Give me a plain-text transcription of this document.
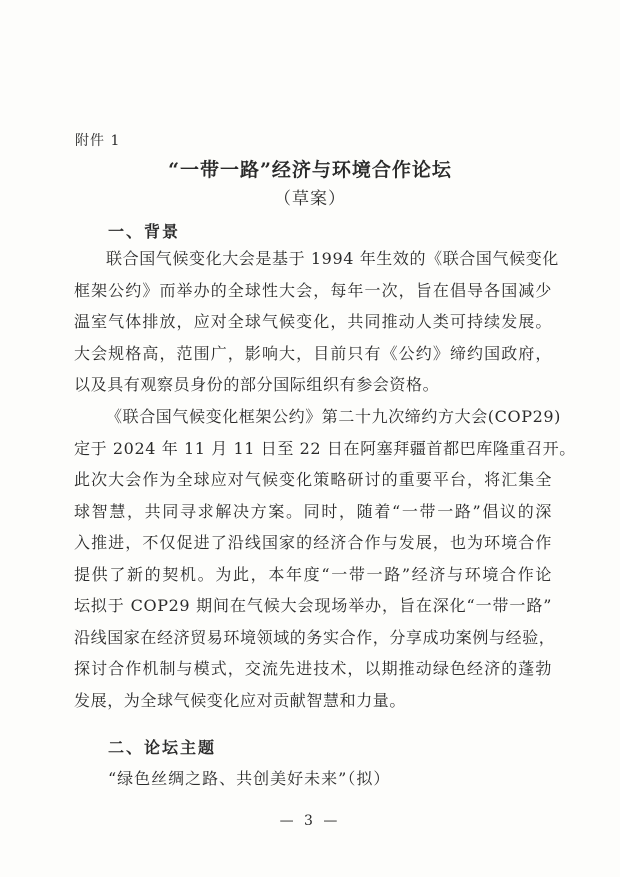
附件 1
“一带一路”经济与环境合作论坛
（草案）
一、背景
联合国气候变化大会是基于 1994 年生效的《联合国气候变化
框架公约》而举办的全球性大会，每年一次，旨在倡导各国减少
温室气体排放，应对全球气候变化，共同推动人类可持续发展。
大会规格高，范围广，影响大，目前只有《公约》缔约国政府，
以及具有观察员身份的部分国际组织有参会资格。
《联合国气候变化框架公约》第二十九次缔约方大会(COP29)
定于 2024 年 11 月 11 日至 22 日在阿塞拜疆首都巴库隆重召开。
此次大会作为全球应对气候变化策略研讨的重要平台，将汇集全
球智慧，共同寻求解决方案。同时，随着“一带一路”倡议的深
入推进，不仅促进了沿线国家的经济合作与发展，也为环境合作
提供了新的契机。为此，本年度“一带一路”经济与环境合作论
坛拟于 COP29 期间在气候大会现场举办，旨在深化“一带一路”
沿线国家在经济贸易环境领域的务实合作，分享成功案例与经验，
探讨合作机制与模式，交流先进技术，以期推动绿色经济的蓬勃
发展，为全球气候变化应对贡献智慧和力量。
二、论坛主题
“绿色丝绸之路、共创美好未来”（拟）
— 3 —
